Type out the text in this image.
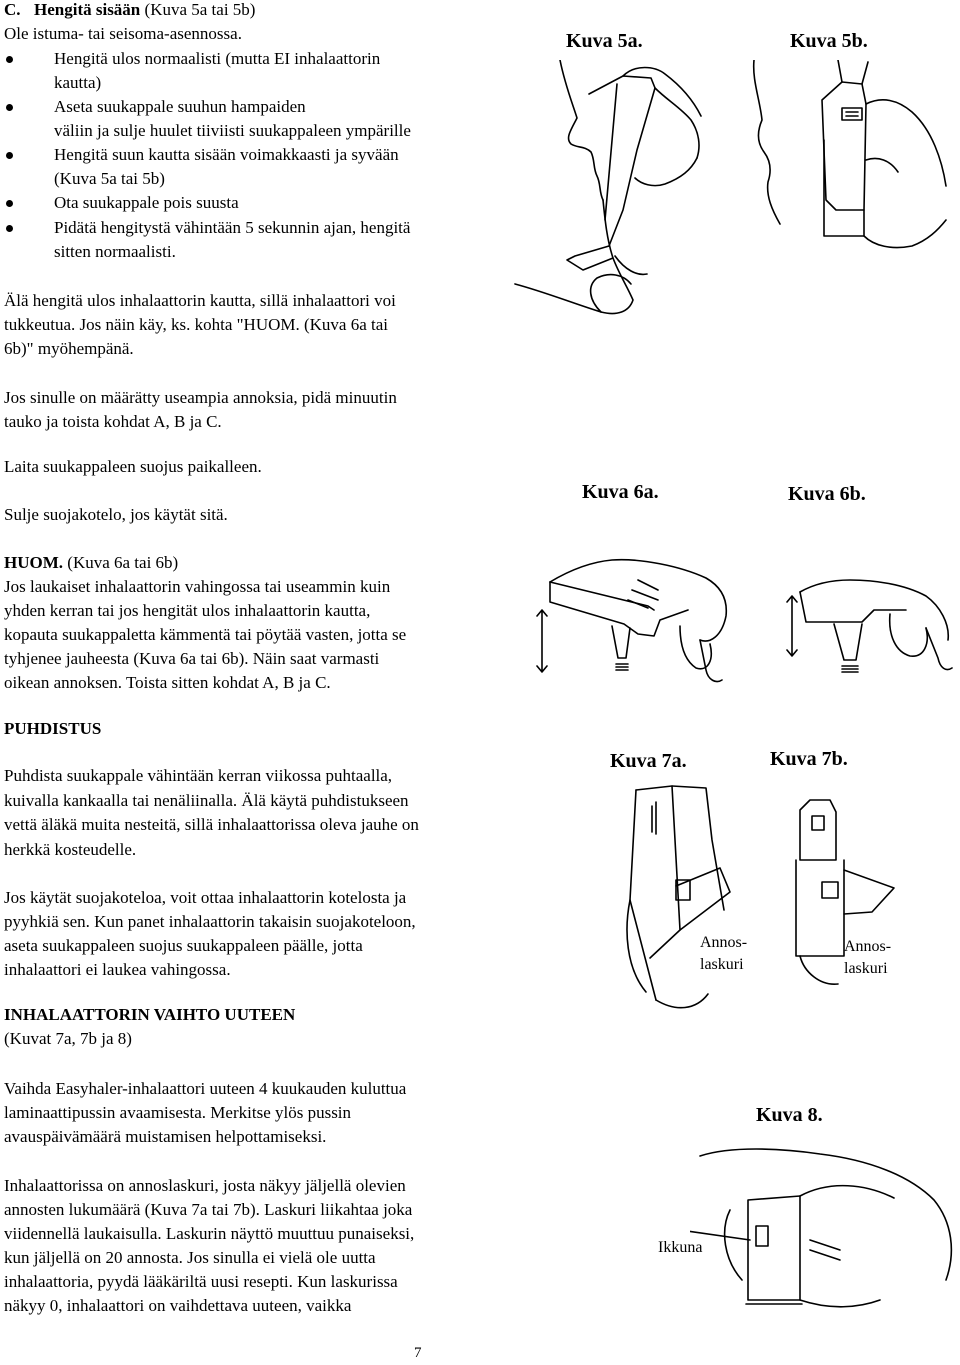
C. Hengitä sisään (Kuva 5a tai 5b)
Ole istuma- tai seisoma-asennossa.
Hengitä ulos normaalisti (mutta EI inhalaattorin
kautta)
Aseta suukappale suuhun hampaiden
väliin ja sulje huulet tiiviisti suukappaleen ympärille
Hengitä suun kautta sisään voimakkaasti ja syvään
(Kuva 5a tai 5b)
Ota suukappale pois suusta
Pidätä hengitystä vähintään 5 sekunnin ajan, hengitä
sitten normaalisti.
Älä hengitä ulos inhalaattorin kautta, sillä inhalaattori voi
tukkeutua. Jos näin käy, ks. kohta "HUOM. (Kuva 6a tai
6b)" myöhempänä.
Jos sinulle on määrätty useampia annoksia, pidä minuutin
tauko ja toista kohdat A, B ja C.
Laita suukappaleen suojus paikalleen.
Sulje suojakotelo, jos käytät sitä.
HUOM. (Kuva 6a tai 6b)
Jos laukaiset inhalaattorin vahingossa tai useammin kuin
yhden kerran tai jos hengität ulos inhalaattorin kautta,
kopauta suukappaletta kämmentä tai pöytää vasten, jotta se
tyhjenee jauheesta (Kuva 6a tai 6b). Näin saat varmasti
oikean annoksen. Toista sitten kohdat A, B ja C.
PUHDISTUS
Puhdista suukappale vähintään kerran viikossa puhtaalla,
kuivalla kankaalla tai nenäliinalla. Älä käytä puhdistukseen
vettä äläkä muita nesteitä, sillä inhalaattorissa oleva jauhe on
herkkä kosteudelle.
Jos käytät suojakoteloa, voit ottaa inhalaattorin kotelosta ja
pyyhkiä sen. Kun panet inhalaattorin takaisin suojakoteloon,
aseta suukappaleen suojus suukappaleen päälle, jotta
inhalaattori ei laukea vahingossa.
INHALAATTORIN VAIHTO UUTEEN
(Kuvat 7a, 7b ja 8)
Vaihda Easyhaler-inhalaattori uuteen 4 kuukauden kuluttua
laminaattipussin avaamisesta. Merkitse ylös pussin
avauspäivämäärä muistamisen helpottamiseksi.
Inhalaattorissa on annoslaskuri, josta näkyy jäljellä olevien
annosten lukumäärä (Kuva 7a tai 7b). Laskuri liikahtaa joka
viidennellä laukaisulla. Laskurin näyttö muuttuu punaiseksi,
kun jäljellä on 20 annosta. Jos sinulla ei vielä ole uutta
inhalaattoria, pyydä lääkäriltä uusi resepti. Kun laskurissa
näkyy 0, inhalaattori on vaihdettava uuteen, vaikka
7
Kuva 5a.	Kuva 5b.
Kuva 6a.	Kuva 6b.
Kuva 7a.	Kuva 7b.
Kuva 8.
Annos-
laskuri
Annos-
laskuri
Ikkuna
